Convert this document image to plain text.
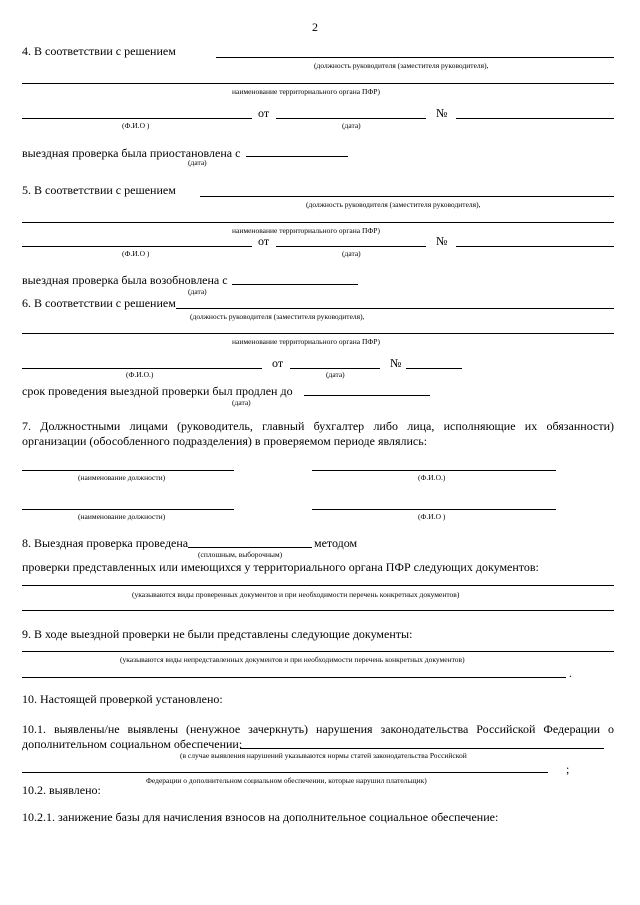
2
4. В соответствии с решением
(должность руководителя (заместителя руководителя),
наименование территориального органа ПФР)
от	№
(Ф.И.О )	(дата)
выездная проверка была приостановлена с
(дата)
5. В соответствии с решением
(должность руководителя (заместителя руководителя),
наименование территориального органа ПФР)
от	№
(Ф.И.О )	(дата)
выездная проверка была возобновлена с
(дата)
6. В соответствии с решением
(должность руководителя (заместителя руководителя),
наименование территориального органа ПФР)
от	№
(Ф.И.О.)	(дата)
срок проведения выездной проверки был продлен до
(дата)
7. Должностными лицами (руководитель, главный бухгалтер либо лица, исполняющие их обязанности) организации (обособленного подразделения) в проверяемом периоде являлись:
(наименование должности)	(Ф.И.О.)
(наименование должности)	(Ф.И.О )
8. Выездная проверка проведена	методом
(сплошным, выборочным)
проверки представленных или имеющихся у территориального органа ПФР следующих документов:
(указываются виды проверенных документов и при необходимости перечень конкретных документов)
9. В ходе выездной проверки не были представлены следующие документы:
(указываются виды непредставленных документов и при необходимости перечень конкретных документов)
.
10. Настоящей проверкой установлено:
10.1. выявлены/не выявлены (ненужное зачеркнуть) нарушения законодательства Российской Федерации о дополнительном социальном обеспечении:
(в случае выявления нарушений указываются нормы статей законодательства Российской
;
Федерации о дополнительном социальном обеспечении, которые нарушил плательщик)
10.2. выявлено:
10.2.1. занижение базы для начисления взносов на дополнительное социальное обеспечение:
